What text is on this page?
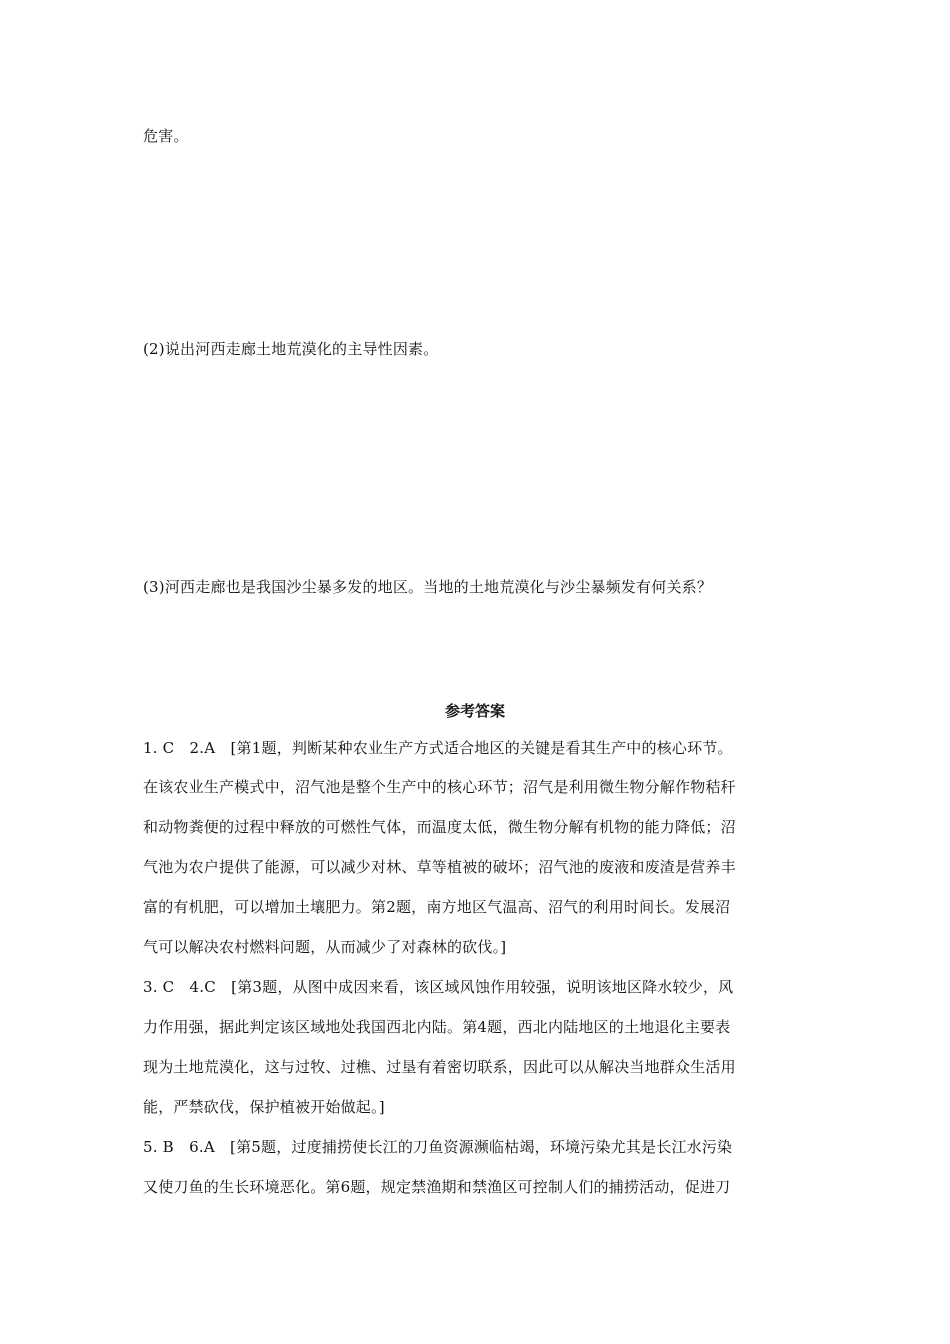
危害。
(2)说出河西走廊土地荒漠化的主导性因素。
(3)河西走廊也是我国沙尘暴多发的地区。当地的土地荒漠化与沙尘暴频发有何关系？
参考答案
1. C　2.A　[第1题，判断某种农业生产方式适合地区的关键是看其生产中的核心环节。
在该农业生产模式中，沼气池是整个生产中的核心环节；沼气是利用微生物分解作物秸秆
和动物粪便的过程中释放的可燃性气体，而温度太低，微生物分解有机物的能力降低；沼
气池为农户提供了能源，可以减少对林、草等植被的破坏；沼气池的废液和废渣是营养丰
富的有机肥，可以增加土壤肥力。第2题，南方地区气温高、沼气的利用时间长。发展沼
气可以解决农村燃料问题，从而减少了对森林的砍伐。]
3. C　4.C　[第3题，从图中成因来看，该区域风蚀作用较强，说明该地区降水较少，风
力作用强，据此判定该区域地处我国西北内陆。第4题，西北内陆地区的土地退化主要表
现为土地荒漠化，这与过牧、过樵、过垦有着密切联系，因此可以从解决当地群众生活用
能，严禁砍伐，保护植被开始做起。]
5. B　6.A　[第5题，过度捕捞使长江的刀鱼资源濒临枯竭，环境污染尤其是长江水污染
又使刀鱼的生长环境恶化。第6题，规定禁渔期和禁渔区可控制人们的捕捞活动，促进刀
